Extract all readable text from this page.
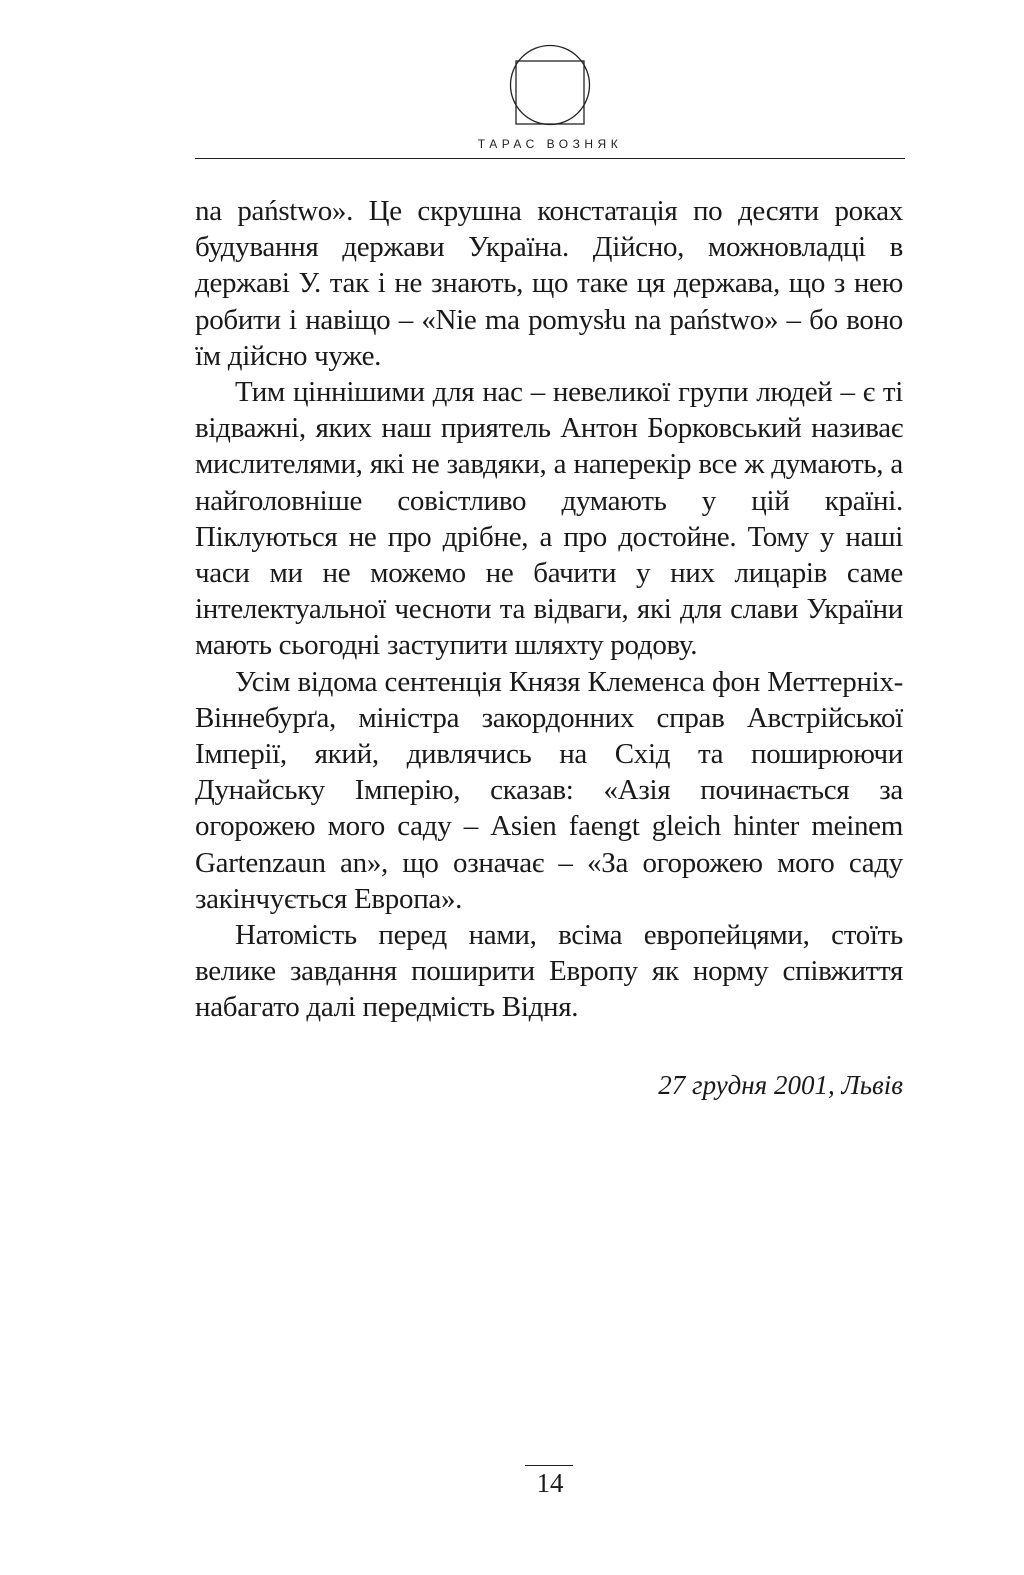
ТАРАС ВОЗНЯК

na państwo». Це скрушна констатація по десяти роках будування держави Україна. Дійсно, можновладці в державі У. так і не знають, що таке ця держава, що з нею робити і навіщо – «Nie ma pomysłu na państwo» – бо воно їм дійсно чуже.

Тим ціннішими для нас – невеликої групи людей – є ті відважні, яких наш приятель Антон Борковський називає мислителями, які не завдяки, а наперекір все ж думають, а найголовніше совістливо думають у цій країні. Піклуються не про дрібне, а про достойне. Тому у наші часи ми не можемо не бачити у них лицарів саме інтелектуальної чесноти та відваги, які для слави України мають сьогодні заступити шляхту родову.

Усім відома сентенція Князя Клеменса фон Меттерніх-Віннебурґа, міністра закордонних справ Австрійської Імперії, який, дивлячись на Схід та поширюючи Дунайську Імперію, сказав: «Азія починається за огорожею мого саду – Asien faengt gleich hinter meinem Gartenzaun an», що означає – «За огорожею мого саду закінчується Европа».

Натомість перед нами, всіма европейцями, стоїть велике завдання поширити Европу як норму співжиття набагато далі передмість Відня.

27 грудня 2001, Львів
14
